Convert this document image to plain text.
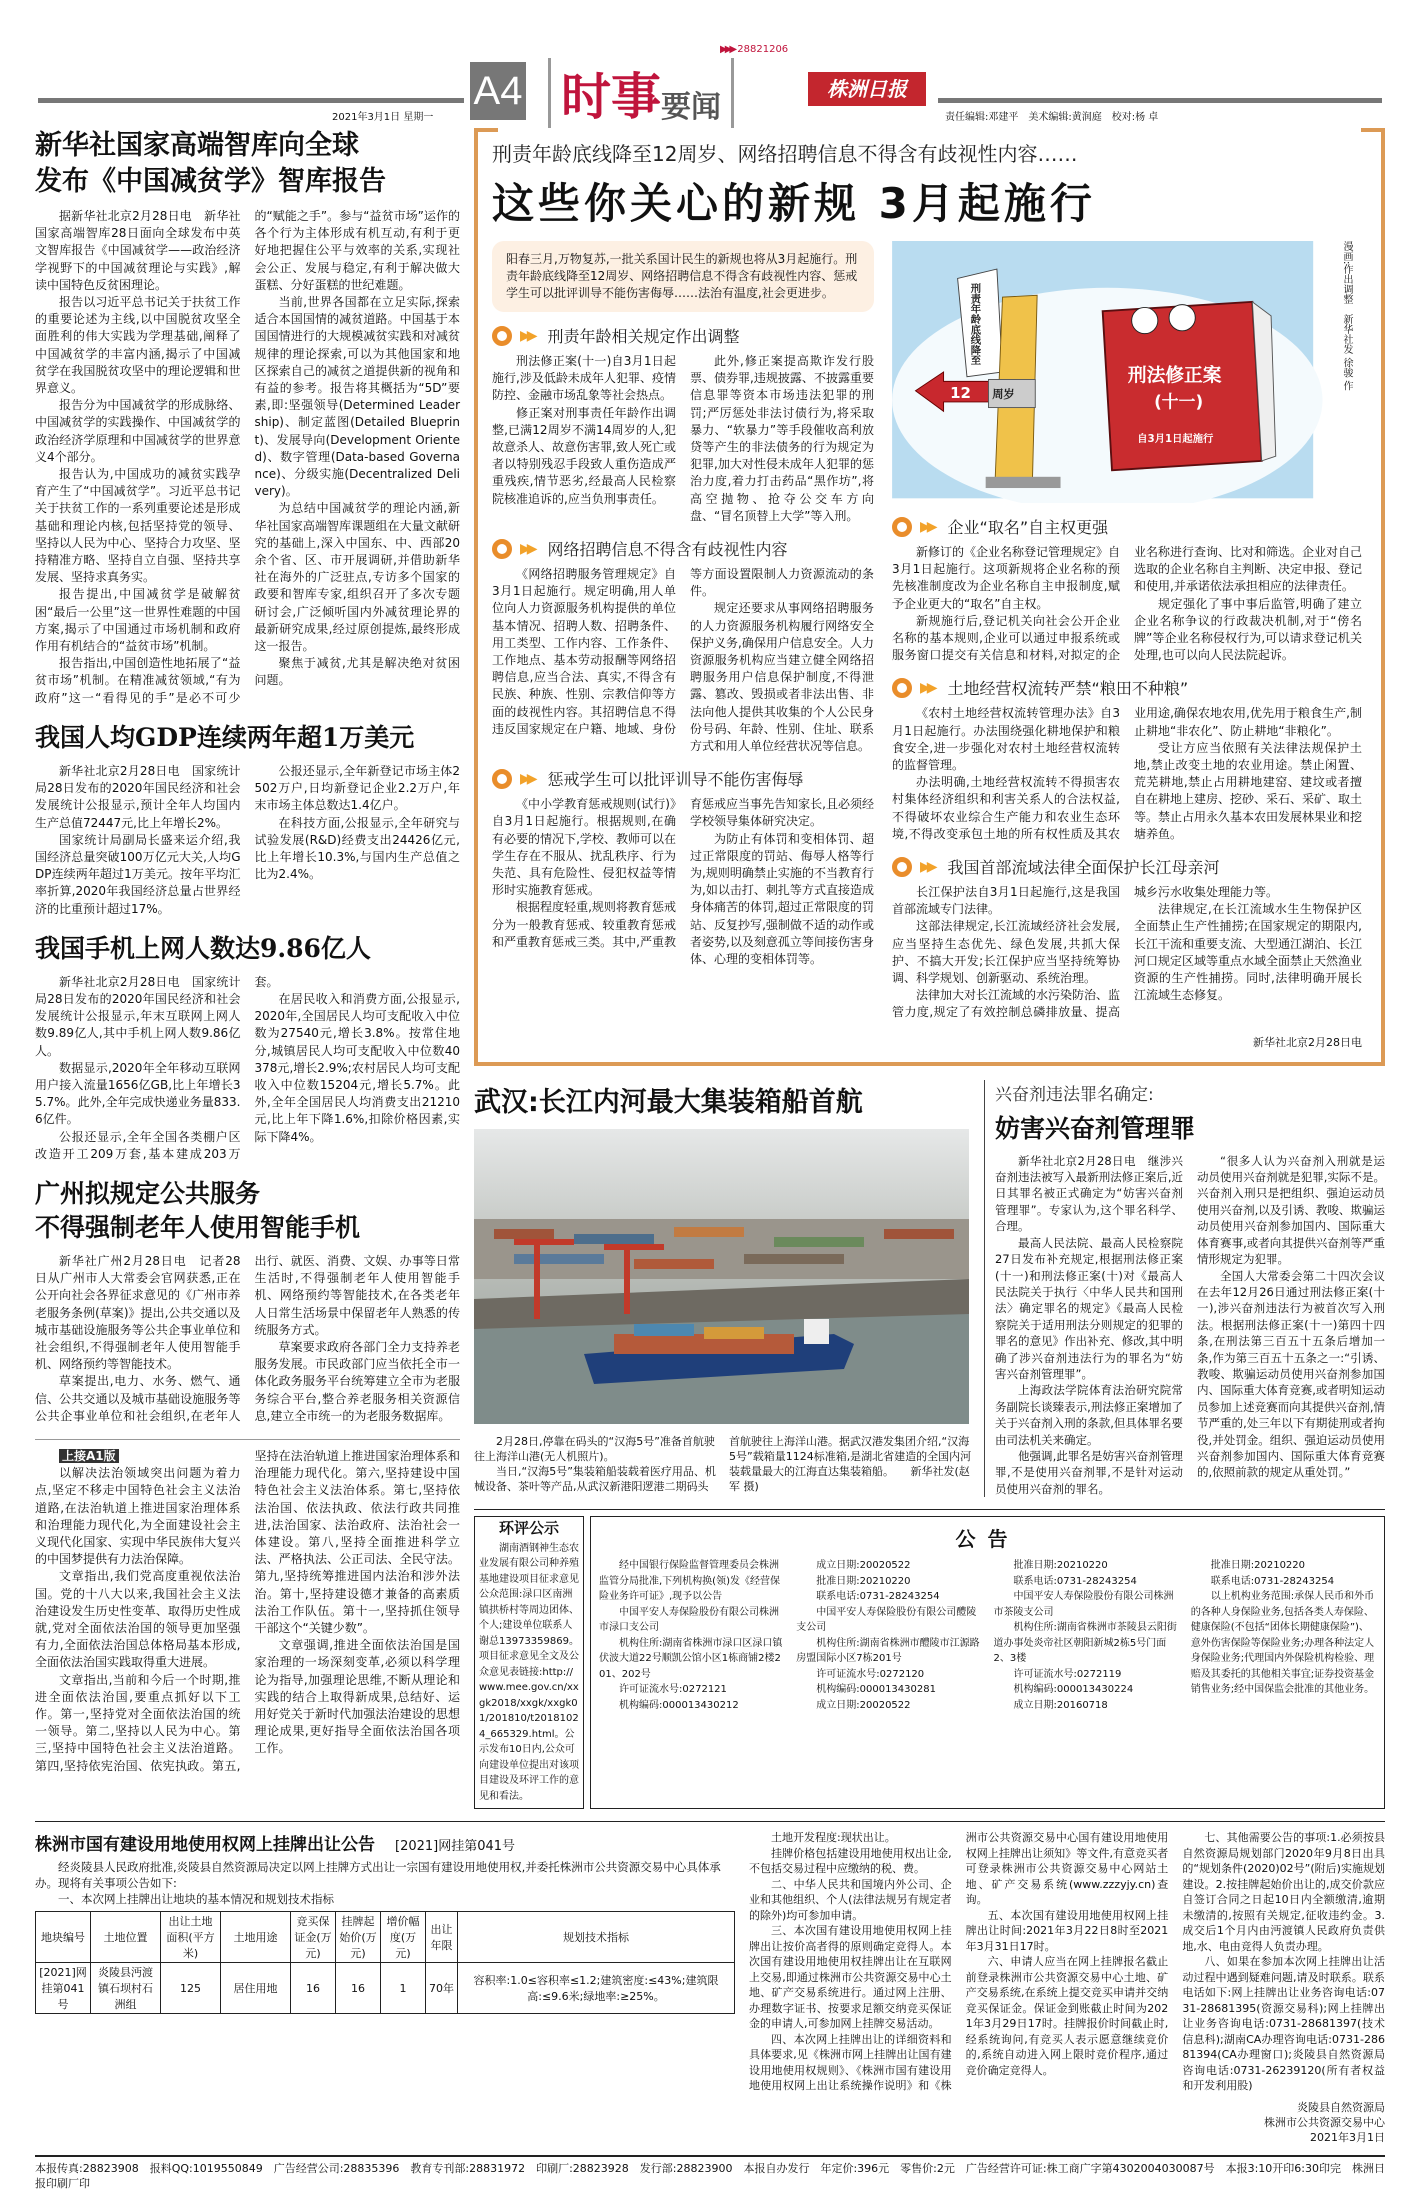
2021年3月1日 星期一
A4 时事 要闻
▶▶▶ 28821206
株洲日报
责任编辑:邓建平　美术编辑:黄润庭　校对:杨 卓
新华社国家高端智库向全球
发布《中国减贫学》智库报告

据新华社北京2月28日电　新华社国家高端智库28日面向全球发布中英文智库报告《中国减贫学——政治经济学视野下的中国减贫理论与实践》,解读中国特色反贫困理论。

报告以习近平总书记关于扶贫工作的重要论述为主线,以中国脱贫攻坚全面胜利的伟大实践为学理基础,阐释了中国减贫学的丰富内涵,揭示了中国减贫学在我国脱贫攻坚中的理论逻辑和世界意义。

报告分为中国减贫学的形成脉络、中国减贫学的实践操作、中国减贫学的政治经济学原理和中国减贫学的世界意义4个部分。

报告认为,中国成功的减贫实践孕育产生了“中国减贫学”。习近平总书记关于扶贫工作的一系列重要论述是形成基础和理论内核,包括坚持党的领导、坚持以人民为中心、坚持合力攻坚、坚持精准方略、坚持自立自强、坚持共享发展、坚持求真务实。

报告提出,中国减贫学是破解贫困“最后一公里”这一世界性难题的中国方案,揭示了中国通过市场机制和政府作用有机结合的“益贫市场”机制。

报告指出,中国创造性地拓展了“益贫市场”机制。在精准减贫领域,“有为政府”这一“看得见的手”是必不可少的“赋能之手”。参与“益贫市场”运作的各个行为主体形成有机互动,有利于更好地把握住公平与效率的关系,实现社会公正、发展与稳定,有利于解决做大蛋糕、分好蛋糕的世纪难题。

当前,世界各国都在立足实际,探索适合本国国情的减贫道路。中国基于本国国情进行的大规模减贫实践和对减贫规律的理论探索,可以为其他国家和地区探索自己的减贫之道提供新的视角和有益的参考。报告将其概括为“5D”要素,即:坚强领导(Determined Leadership)、制定蓝图(Detailed Blueprint)、发展导向(Development Oriented)、数字管理(Data-based Governance)、分级实施(Decentralized Delivery)。

为总结中国减贫学的理论内涵,新华社国家高端智库课题组在大量文献研究的基础上,深入中国东、中、西部20余个省、区、市开展调研,并借助新华社在海外的广泛驻点,专访多个国家的政要和智库专家,组织召开了多次专题研讨会,广泛倾听国内外减贫理论界的最新研究成果,经过原创提炼,最终形成这一报告。

聚焦于减贫,尤其是解决绝对贫困问题。

我国人均GDP连续两年超1万美元

新华社北京2月28日电　国家统计局28日发布的2020年国民经济和社会发展统计公报显示,预计全年人均国内生产总值72447元,比上年增长2%。

国家统计局副局长盛来运介绍,我国经济总量突破100万亿元大关,人均GDP连续两年超过1万美元。按年平均汇率折算,2020年我国经济总量占世界经济的比重预计超过17%。

公报还显示,全年新登记市场主体2502万户,日均新登记企业2.2万户,年末市场主体总数达1.4亿户。

在科技方面,公报显示,全年研究与试验发展(R&D)经费支出24426亿元,比上年增长10.3%,与国内生产总值之比为2.4%。

我国手机上网人数达9.86亿人

新华社北京2月28日电　国家统计局28日发布的2020年国民经济和社会发展统计公报显示,年末互联网上网人数9.89亿人,其中手机上网人数9.86亿人。

数据显示,2020年全年移动互联网用户接入流量1656亿GB,比上年增长35.7%。此外,全年完成快递业务量833.6亿件。

公报还显示,全年全国各类棚户区改造开工209万套,基本建成203万套。

在居民收入和消费方面,公报显示,2020年,全国居民人均可支配收入中位数为27540元,增长3.8%。按常住地分,城镇居民人均可支配收入中位数40378元,增长2.9%;农村居民人均可支配收入中位数15204元,增长5.7%。此外,全年全国居民人均消费支出21210元,比上年下降1.6%,扣除价格因素,实际下降4%。

广州拟规定公共服务
不得强制老年人使用智能手机

新华社广州2月28日电　记者28日从广州市人大常委会官网获悉,正在公开向社会各界征求意见的《广州市养老服务条例(草案)》提出,公共交通以及城市基础设施服务等公共企事业单位和社会组织,不得强制老年人使用智能手机、网络预约等智能技术。

草案提出,电力、水务、燃气、通信、公共交通以及城市基础设施服务等公共企事业单位和社会组织,在老年人出行、就医、消费、文娱、办事等日常生活时,不得强制老年人使用智能手机、网络预约等智能技术,在各类老年人日常生活场景中保留老年人熟悉的传统服务方式。

草案要求政府各部门全力支持养老服务发展。市民政部门应当依托全市一体化政务服务平台统筹建立全市为老服务综合平台,整合养老服务相关资源信息,建立全市统一的为老服务数据库。

上接A1版

以解决法治领域突出问题为着力点,坚定不移走中国特色社会主义法治道路,在法治轨道上推进国家治理体系和治理能力现代化,为全面建设社会主义现代化国家、实现中华民族伟大复兴的中国梦提供有力法治保障。

文章指出,我们党高度重视依法治国。党的十八大以来,我国社会主义法治建设发生历史性变革、取得历史性成就,党对全面依法治国的领导更加坚强有力,全面依法治国总体格局基本形成,全面依法治国实践取得重大进展。

文章指出,当前和今后一个时期,推进全面依法治国,要重点抓好以下工作。第一,坚持党对全面依法治国的统一领导。第二,坚持以人民为中心。第三,坚持中国特色社会主义法治道路。第四,坚持依宪治国、依宪执政。第五,坚持在法治轨道上推进国家治理体系和治理能力现代化。第六,坚持建设中国特色社会主义法治体系。第七,坚持依法治国、依法执政、依法行政共同推进,法治国家、法治政府、法治社会一体建设。第八,坚持全面推进科学立法、严格执法、公正司法、全民守法。第九,坚持统筹推进国内法治和涉外法治。第十,坚持建设德才兼备的高素质法治工作队伍。第十一,坚持抓住领导干部这个“关键少数”。

文章强调,推进全面依法治国是国家治理的一场深刻变革,必须以科学理论为指导,加强理论思维,不断从理论和实践的结合上取得新成果,总结好、运用好党关于新时代加强法治建设的思想理论成果,更好指导全面依法治国各项工作。

刑责年龄底线降至12周岁、网络招聘信息不得含有歧视性内容……
这些你关心的新规 3月起施行
阳春三月,万物复苏,一批关系国计民生的新规也将从3月起施行。刑责年龄底线降至12周岁、网络招聘信息不得含有歧视性内容、惩戒学生可以批评训导不能伤害侮辱……法治有温度,社会更进步。
▶▶ 刑责年龄相关规定作出调整

刑法修正案(十一)自3月1日起施行,涉及低龄未成年人犯罪、疫情防控、金融市场乱象等社会热点。

修正案对刑事责任年龄作出调整,已满12周岁不满14周岁的人,犯故意杀人、故意伤害罪,致人死亡或者以特别残忍手段致人重伤造成严重残疾,情节恶劣,经最高人民检察院核准追诉的,应当负刑事责任。

此外,修正案提高欺诈发行股票、债券罪,违规披露、不披露重要信息罪等资本市场违法犯罪的刑罚;严厉惩处非法讨债行为,将采取暴力、“软暴力”等手段催收高利放贷等产生的非法债务的行为规定为犯罪,加大对性侵未成年人犯罪的惩治力度,着力打击药品“黑作坊”,将高空抛物、抢夺公交车方向盘、“冒名顶替上大学”等入刑。

▶▶ 网络招聘信息不得含有歧视性内容

《网络招聘服务管理规定》自3月1日起施行。规定明确,用人单位向人力资源服务机构提供的单位基本情况、招聘人数、招聘条件、用工类型、工作内容、工作条件、工作地点、基本劳动报酬等网络招聘信息,应当合法、真实,不得含有民族、种族、性别、宗教信仰等方面的歧视性内容。其招聘信息不得违反国家规定在户籍、地域、身份等方面设置限制人力资源流动的条件。

规定还要求从事网络招聘服务的人力资源服务机构履行网络安全保护义务,确保用户信息安全。人力资源服务机构应当建立健全网络招聘服务用户信息保护制度,不得泄露、篡改、毁损或者非法出售、非法向他人提供其收集的个人公民身份号码、年龄、性别、住址、联系方式和用人单位经营状况等信息。

▶▶ 惩戒学生可以批评训导不能伤害侮辱

《中小学教育惩戒规则(试行)》自3月1日起施行。根据规则,在确有必要的情况下,学校、教师可以在学生存在不服从、扰乱秩序、行为失范、具有危险性、侵犯权益等情形时实施教育惩戒。

根据程度轻重,规则将教育惩戒分为一般教育惩戒、较重教育惩戒和严重教育惩戒三类。其中,严重教育惩戒应当事先告知家长,且必须经学校领导集体研究决定。

为防止有体罚和变相体罚、超过正常限度的罚站、侮辱人格等行为,规则明确禁止实施的不当教育行为,如以击打、刺扎等方式直接造成身体痛苦的体罚,超过正常限度的罚站、反复抄写,强制做不适的动作或者姿势,以及刻意孤立等间接伤害身体、心理的变相体罚等。

刑责年龄底线降至
12 周岁
刑法修正案
(十一)
自3月1日起施行
漫画:作出调整　新华社发 徐骏 作
▶▶ 企业“取名”自主权更强

新修订的《企业名称登记管理规定》自3月1日起施行。这项新规将企业名称的预先核准制度改为企业名称自主申报制度,赋予企业更大的“取名”自主权。

新规施行后,登记机关向社会公开企业名称的基本规则,企业可以通过申报系统或服务窗口提交有关信息和材料,对拟定的企业名称进行查询、比对和筛选。企业对自己选取的企业名称自主判断、决定申报、登记和使用,并承诺依法承担相应的法律责任。

规定强化了事中事后监管,明确了建立企业名称争议的行政裁决机制,对于“傍名牌”等企业名称侵权行为,可以请求登记机关处理,也可以向人民法院起诉。

▶▶ 土地经营权流转严禁“粮田不种粮”

《农村土地经营权流转管理办法》自3月1日起施行。办法围绕强化耕地保护和粮食安全,进一步强化对农村土地经营权流转的监督管理。

办法明确,土地经营权流转不得损害农村集体经济组织和利害关系人的合法权益,不得破坏农业综合生产能力和农业生态环境,不得改变承包土地的所有权性质及其农业用途,确保农地农用,优先用于粮食生产,制止耕地“非农化”、防止耕地“非粮化”。

受让方应当依照有关法律法规保护土地,禁止改变土地的农业用途。禁止闲置、荒芜耕地,禁止占用耕地建窑、建坟或者擅自在耕地上建房、挖砂、采石、采矿、取土等。禁止占用永久基本农田发展林果业和挖塘养鱼。

▶▶ 我国首部流域法律全面保护长江母亲河

长江保护法自3月1日起施行,这是我国首部流域专门法律。

这部法律规定,长江流域经济社会发展,应当坚持生态优先、绿色发展,共抓大保护、不搞大开发;长江保护应当坚持统筹协调、科学规划、创新驱动、系统治理。

法律加大对长江流域的水污染防治、监管力度,规定了有效控制总磷排放量、提高城乡污水收集处理能力等。

法律规定,在长江流域水生生物保护区全面禁止生产性捕捞;在国家规定的期限内,长江干流和重要支流、大型通江湖泊、长江河口规定区域等重点水域全面禁止天然渔业资源的生产性捕捞。同时,法律明确开展长江流域生态修复。

新华社北京2月28日电
武汉:长江内河最大集装箱船首航

2月28日,停靠在码头的“汉海5号”准备首航驶往上海洋山港(无人机照片)。

当日,“汉海5号”集装箱船装载着医疗用品、机械设备、茶叶等产品,从武汉新港阳逻港二期码头首航驶往上海洋山港。据武汉港发集团介绍,“汉海5号”载箱量1124标准箱,是湖北省建造的全国内河装载量最大的江海直达集装箱船。　　新华社发(赵军 摄)

兴奋剂违法罪名确定:
妨害兴奋剂管理罪

新华社北京2月28日电　继涉兴奋剂违法被写入最新刑法修正案后,近日其罪名被正式确定为“妨害兴奋剂管理罪”。专家认为,这个罪名科学、合理。

最高人民法院、最高人民检察院27日发布补充规定,根据刑法修正案(十一)和刑法修正案(十)对《最高人民法院关于执行〈中华人民共和国刑法〉确定罪名的规定》《最高人民检察院关于适用刑法分则规定的犯罪的罪名的意见》作出补充、修改,其中明确了涉兴奋剂违法行为的罪名为“妨害兴奋剂管理罪”。

上海政法学院体育法治研究院常务副院长谈臻表示,刑法修正案增加了关于兴奋剂入刑的条款,但具体罪名要由司法机关来确定。

他强调,此罪名是妨害兴奋剂管理罪,不是使用兴奋剂罪,不是针对运动员使用兴奋剂的罪名。

“很多人认为兴奋剂入刑就是运动员使用兴奋剂就是犯罪,实际不是。兴奋剂入刑只是把组织、强迫运动员使用兴奋剂,以及引诱、教唆、欺骗运动员使用兴奋剂参加国内、国际重大体育赛事,或者向其提供兴奋剂等严重情形规定为犯罪。

全国人大常委会第二十四次会议在去年12月26日通过刑法修正案(十一),涉兴奋剂违法行为被首次写入刑法。根据刑法修正案(十一)第四十四条,在刑法第三百五十五条后增加一条,作为第三百五十五条之一:“引诱、教唆、欺骗运动员使用兴奋剂参加国内、国际重大体育竞赛,或者明知运动员参加上述竞赛而向其提供兴奋剂,情节严重的,处三年以下有期徒刑或者拘役,并处罚金。组织、强迫运动员使用兴奋剂参加国内、国际重大体育竞赛的,依照前款的规定从重处罚。”

环评公示
湖南酒钢神生态农业发展有限公司种养殖基地建设项目征求意见公众范围:渌口区南洲镇拱桥村等周边团体、个人;建设单位联系人谢总13973359869。项目征求意见全文及公众意见表链接:http://www.mee.gov.cn/xxgk2018/xxgk/xxgk01/201810/t20181024_665329.html。公示发布10日内,公众可向建设单位提出对该项目建设及环评工作的意见和看法。
公告

经中国银行保险监督管理委员会株洲监管分局批准,下列机构换(领)发《经营保险业务许可证》,现予以公告

中国平安人寿保险股份有限公司株洲市渌口支公司

机构住所:湖南省株洲市渌口区渌口镇伏波大道22号顺凯公馆小区1栋商铺2楼201、202号

许可证流水号:0272121

机构编码:000013430212

成立日期:20020522

批准日期:20210220

联系电话:0731-28243254

中国平安人寿保险股份有限公司醴陵支公司

机构住所:湖南省株洲市醴陵市江源路房盟国际小区7栋201号

许可证流水号:0272120

机构编码:000013430281

成立日期:20020522

批准日期:20210220

联系电话:0731-28243254

中国平安人寿保险股份有限公司株洲市茶陵支公司

机构住所:湖南省株洲市茶陵县云阳街道办事处炎帝社区朝阳新城2栋5号门面2、3楼

许可证流水号:0272119

机构编码:000013430224

成立日期:20160718

批准日期:20210220

联系电话:0731-28243254

以上机构业务范围:承保人民币和外币的各种人身保险业务,包括各类人寿保险、健康保险(不包括“团体长期健康保险”)、意外伤害保险等保险业务;办理各种法定人身保险业务;代理国内外保险机构检验、理赔及其委托的其他相关事宜;证券投资基金销售业务;经中国保监会批准的其他业务。

株洲市国有建设用地使用权网上挂牌出让公告 [2021]网挂第041号
经炎陵县人民政府批准,炎陵县自然资源局决定以网上挂牌方式出让一宗国有建设用地使用权,并委托株洲市公共资源交易中心具体承办。现将有关事项公告如下:
一、本次网上挂牌出让地块的基本情况和规划技术指标
地块编号	土地位置	出让土地面积(平方米)	土地用途	竞买保证金(万元)	挂牌起始价(万元)	增价幅度(万元)	出让年限	规划技术指标
[2021]网挂第041号	炎陵县沔渡镇石坝村石洲组	125	居住用地	16	16	1	70年	容积率:1.0≤容积率≤1.2;建筑密度:≤43%;建筑限高:≤9.6米;绿地率:≥25%。

土地开发程度:现状出让。

挂牌价格包括建设用地使用权出让金,不包括交易过程中应缴纳的税、费。

二、中华人民共和国境内外公司、企业和其他组织、个人(法律法规另有规定者的除外)均可参加申请。

三、本次国有建设用地使用权网上挂牌出让按价高者得的原则确定竞得人。本次国有建设用地使用权挂牌出让在互联网上交易,即通过株洲市公共资源交易中心土地、矿产交易系统进行。通过网上注册、办理数字证书、按要求足额交纳竞买保证金的申请人,可参加网上挂牌交易活动。

四、本次网上挂牌出让的详细资料和具体要求,见《株洲市网上挂牌出让国有建设用地使用权规则》、《株洲市国有建设用地使用权网上出让系统操作说明》和《株洲市公共资源交易中心国有建设用地使用权网上挂牌出让须知》等文件,有意竞买者可登录株洲市公共资源交易中心网站土地、矿产交易系统(www.zzzyjy.cn)查询。

五、本次国有建设用地使用权网上挂牌出让时间:2021年3月22日8时至2021年3月31日17时。

六、申请人应当在网上挂牌报名截止前登录株洲市公共资源交易中心土地、矿产交易系统,在系统上提交竞买申请并交纳竞买保证金。保证金到账截止时间为2021年3月29日17时。挂牌报价时间截止时,经系统询问,有竞买人表示愿意继续竞价的,系统自动进入网上限时竞价程序,通过竞价确定竞得人。

七、其他需要公告的事项:1.必须按县自然资源局规划部门2020年9月8日出具的“规划条件(2020)02号”(附后)实施规划建设。2.按挂牌起始价出让的,成交价款应自签订合同之日起10日内全额缴清,逾期未缴清的,按照有关规定,征收违约金。3.成交后1个月内由沔渡镇人民政府负责供地,水、电由竞得人负责办理。

八、如果在参加本次网上挂牌出让活动过程中遇到疑难问题,请及时联系。联系电话如下:网上挂牌出让业务咨询电话:0731-28681395(资源交易科);网上挂牌出让业务咨询电话:0731-28681397(技术信息科);湖南CA办理咨询电话:0731-28681394(CA办理窗口);炎陵县自然资源局咨询电话:0731-26239120(所有者权益和开发利用股)

炎陵县自然资源局
株洲市公共资源交易中心
2021年3月1日
本报传真:28823908　报料QQ:1019550849　广告经营公司:28835396　教育专刊部:28831972　印刷厂:28823928　发行部:28823900　本报自办发行　年定价:396元　零售价:2元　广告经营许可证:株工商广字第4302004030087号　本报3:10开印6:30印完　株洲日报印刷厂印
